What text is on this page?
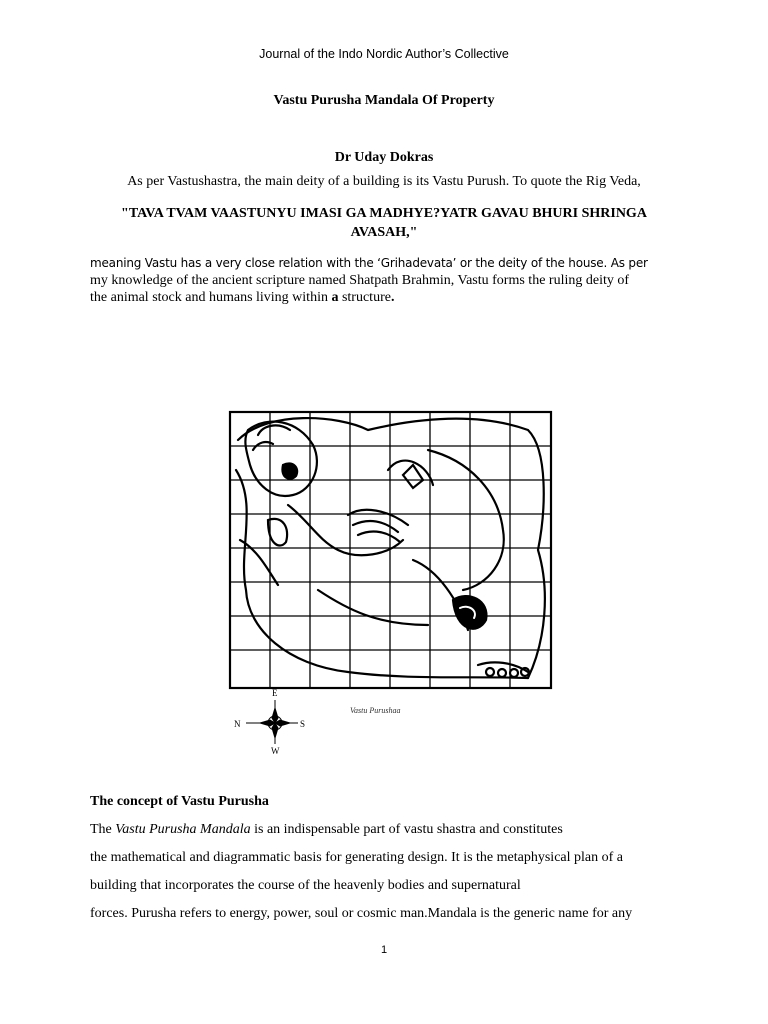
Journal of the Indo Nordic Author’s Collective
Vastu Purusha Mandala Of Property
Dr Uday Dokras
As per Vastushastra, the main deity of a building is its Vastu Purush. To quote the Rig Veda,
"TAVA TVAM VAASTUNYU IMASI GA MADHYE?YATR GAVAU BHURI SHRINGA
AVASAH,"
meaning Vastu has a very close relation with the ‘Grihadevata’ or the deity of the house. As per
my knowledge of the ancient scripture named Shatpath Brahmin, Vastu forms the ruling deity of
the animal stock and humans living within a structure.
E
N	S
W
Vastu Purushaa
The concept of Vastu Purusha
The Vastu Purusha Mandala is an indispensable part of vastu shastra and constitutes
the mathematical and diagrammatic basis for generating design. It is the metaphysical plan of a
building that incorporates the course of the heavenly bodies and supernatural
forces. Purusha refers to energy, power, soul or cosmic man.Mandala is the generic name for any
1
